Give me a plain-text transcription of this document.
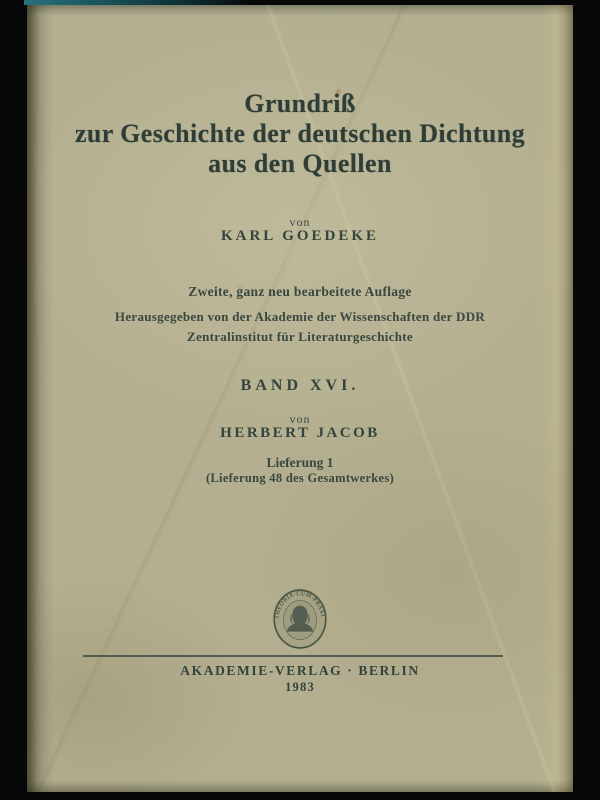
Grundriß
zur Geschichte der deutschen Dichtung
aus den Quellen
von
KARL GOEDEKE
Zweite, ganz neu bearbeitete Auflage
Herausgegeben von der Akademie der Wissenschaften der DDR
Zentralinstitut für Literaturgeschichte
BAND XVI.
von
HERBERT JACOB
Lieferung 1
(Lieferung 48 des Gesamtwerkes)
THEORIA·CUM·PRAXI
AKADEMIE-VERLAG · BERLIN
1983
